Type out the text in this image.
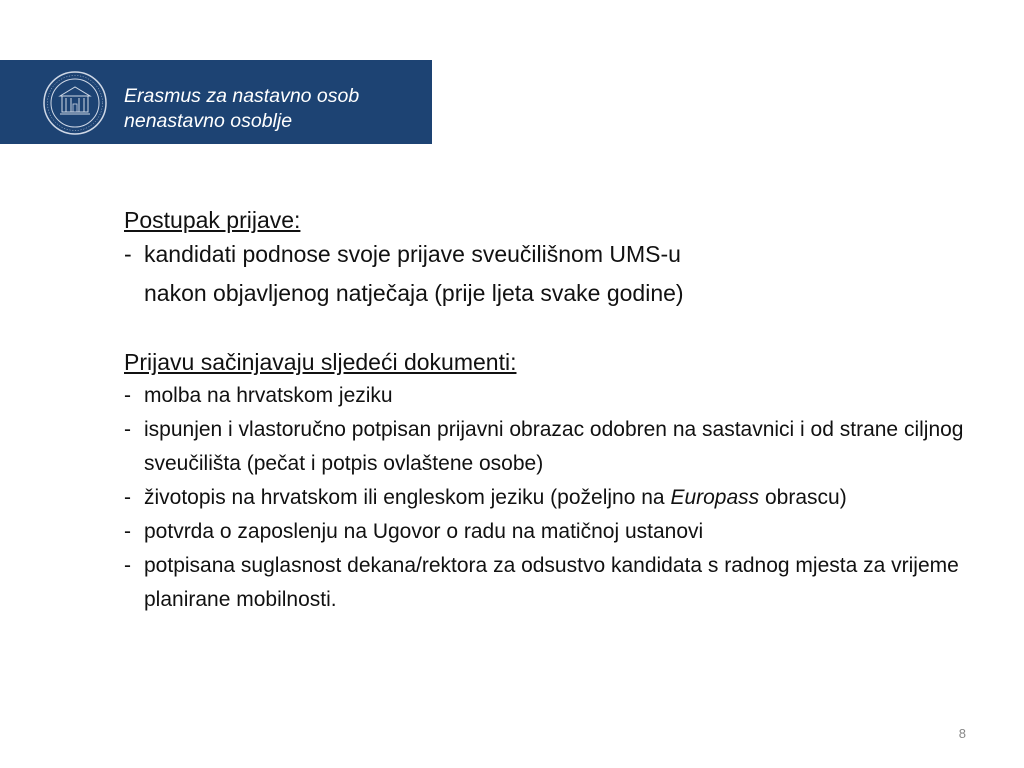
Erasmus za nastavno osob
nenastavno osoblje
Postupak prijave:
- kandidati podnose svoje prijave sveučilišnom UMS-u
nakon objavljenog natječaja (prije ljeta svake godine)
Prijavu sačinjavaju sljedeći dokumenti:
- molba na hrvatskom jeziku
- ispunjen i vlastoručno potpisan prijavni obrazac odobren na sastavnici i od strane ciljnog sveučilišta (pečat i potpis ovlaštene osobe)
- životopis na hrvatskom ili engleskom jeziku (poželjno na Europass obrascu)
- potvrda o zaposlenju na Ugovor o radu na matičnoj ustanovi
- potpisana suglasnost dekana/rektora za odsustvo kandidata s radnog mjesta za vrijeme planirane mobilnosti.
8
